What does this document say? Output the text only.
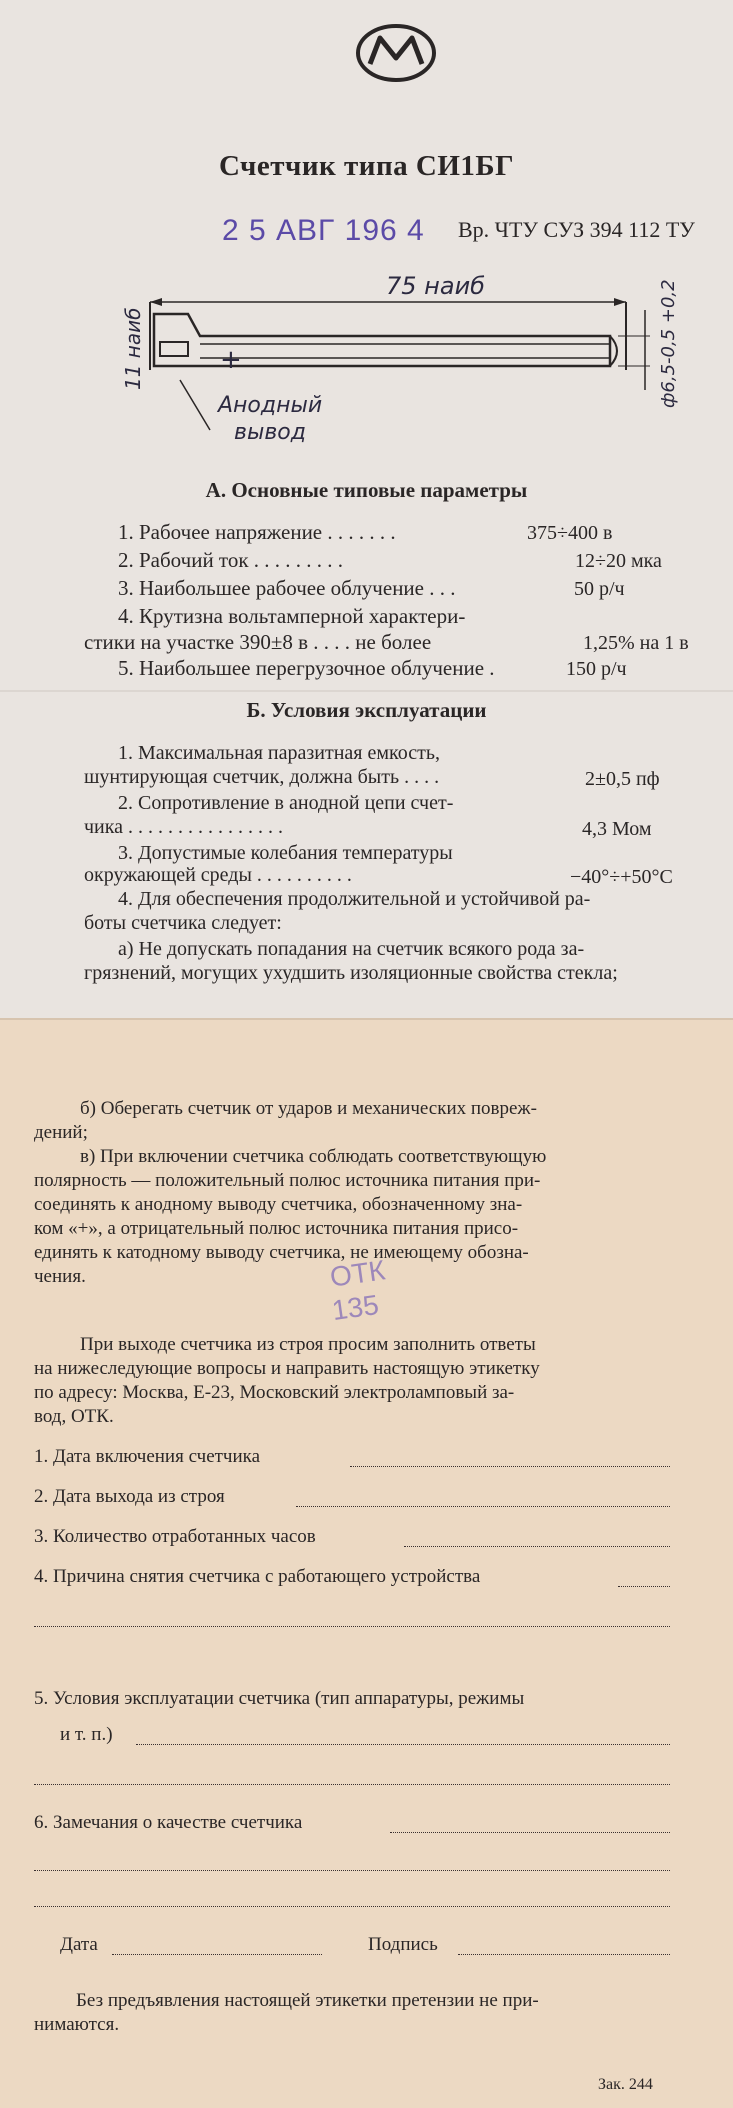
Счетчик типа СИ1БГ
2 5 АВГ 196 4 Вр. ЧТУ СУЗ 394 112 ТУ
+
75 наиб
11 наиб	ф6,5-0,5 +0,2
Анодный
вывод
А. Основные типовые параметры
1. Рабочее напряжение . . . . . . .	375÷400 в
2. Рабочий ток . . . . . . . . .	12÷20 мка
3. Наибольшее рабочее облучение . . .	50 р/ч
4. Крутизна вольтамперной характери-
стики на участке 390±8 в . . . . не более	1,25% на 1 в
5. Наибольшее перегрузочное облучение .	150 р/ч
Б. Условия эксплуатации
1. Максимальная паразитная емкость,
шунтирующая счетчик, должна быть . . . .	2±0,5 пф
2. Сопротивление в анодной цепи счет-
чика . . . . . . . . . . . . . . . .	4,3 Мом
3. Допустимые колебания температуры
окружающей среды . . . . . . . . . .	−40°÷+50°С
4. Для обеспечения продолжительной и устойчивой ра-
боты счетчика следует:
а) Не допускать попадания на счетчик всякого рода за-
грязнений, могущих ухудшить изоляционные свойства стекла;
б) Оберегать счетчик от ударов и механических повреж-
дений;
в) При включении счетчика соблюдать соответствующую
полярность — положительный полюс источника питания при-
соединять к анодному выводу счетчика, обозначенному зна-
ком «+», а отрицательный полюс источника питания присо-
единять к катодному выводу счетчика, не имеющему обозна-
чения.	ОТК
135
При выходе счетчика из строя просим заполнить ответы
на нижеследующие вопросы и направить настоящую этикетку
по адресу: Москва, Е-23, Московский электроламповый за-
вод, ОТК.
1. Дата включения счетчика
2. Дата выхода из строя
3. Количество отработанных часов
4. Причина снятия счетчика с работающего устройства
5. Условия эксплуатации счетчика (тип аппаратуры, режимы
и т. п.)
6. Замечания о качестве счетчика
Дата	Подпись
Без предъявления настоящей этикетки претензии не при-
нимаются.
Зак. 244
